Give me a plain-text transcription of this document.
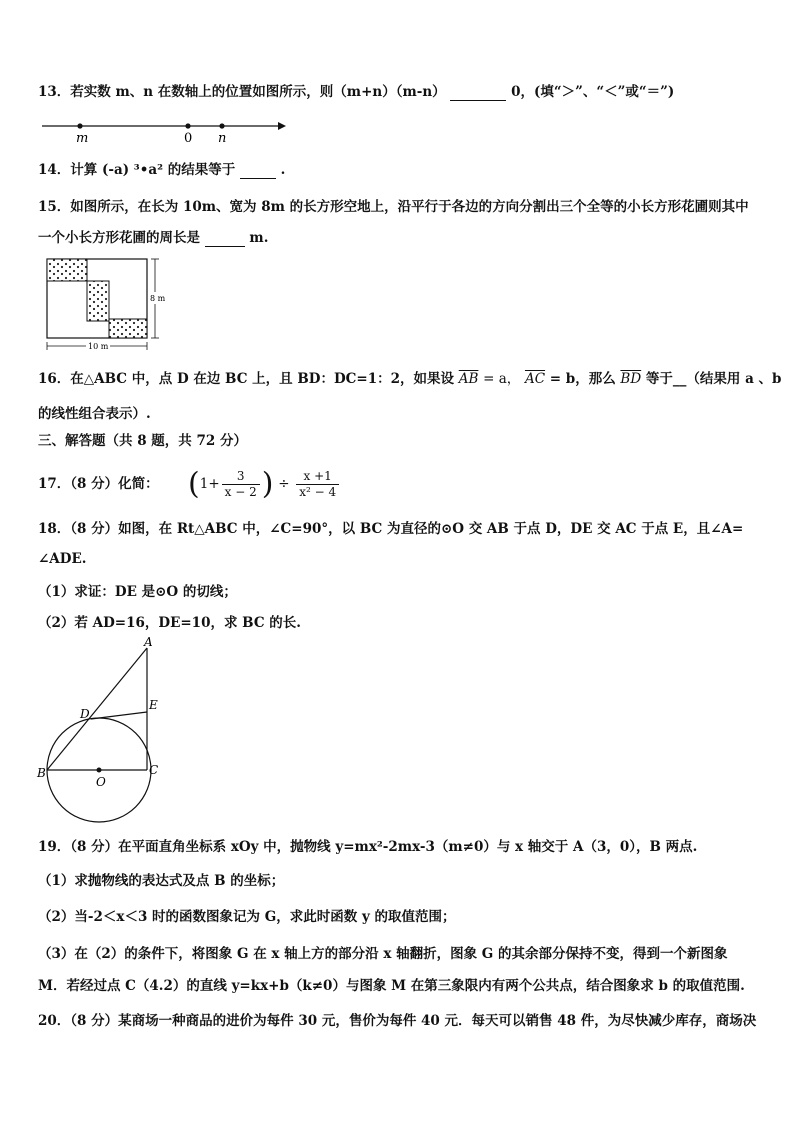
13．若实数 m、n 在数轴上的位置如图所示，则（m+n）（m-n）	0，(填“＞”、“＜”或“＝”)
m	0 n
14．计算 (-a) ³•a² 的结果等于	.
15．如图所示，在长为 10m、宽为 8m 的长方形空地上，沿平行于各边的方向分割出三个全等的小长方形花圃则其中
一个小长方形花圃的周长是	m.
8 m
10 m
16．在△ABC 中，点 D 在边 BC 上，且 BD：DC=1：2，如果设 $\overline{AB} = a$， $\overline{AC} = b$，那么 $\overline{BD}$ 等于__（结果用 a 、b
的线性组合表示）.
三、解答题（共 8 题，共 72 分）
17．（8 分）化简： ($1+ \frac{3}{x - 2}$ ) ÷ $\frac{x +1}{\text{x² − 4}}$
18．（8 分）如图，在 Rt△ABC 中，∠C=90°，以 BC 为直径的⊙O 交 AB 于点 D，DE 交 AC 于点 E，且∠A=
∠ADE.
（1）求证：DE 是⊙O 的切线；
（2）若 AD=16，DE=10，求 BC 的长.
A
D
E
B
O
C
19．（8 分）在平面直角坐标系 xOy 中，抛物线 y=mx²-2mx-3（m≠0）与 x 轴交于 A（3，0），B 两点.
（1）求抛物线的表达式及点 B 的坐标；
（2）当-2＜x＜3 时的函数图象记为 G，求此时函数 y 的取值范围；
（3）在（2）的条件下，将图象 G 在 x 轴上方的部分沿 x 轴翻折，图象 G 的其余部分保持不变，得到一个新图象
M．若经过点 C（4.2）的直线 y=kx+b（k≠0）与图象 M 在第三象限内有两个公共点，结合图象求 b 的取值范围.
20．（8 分）某商场一种商品的进价为每件 30 元，售价为每件 40 元．每天可以销售 48 件，为尽快减少库存，商场决
